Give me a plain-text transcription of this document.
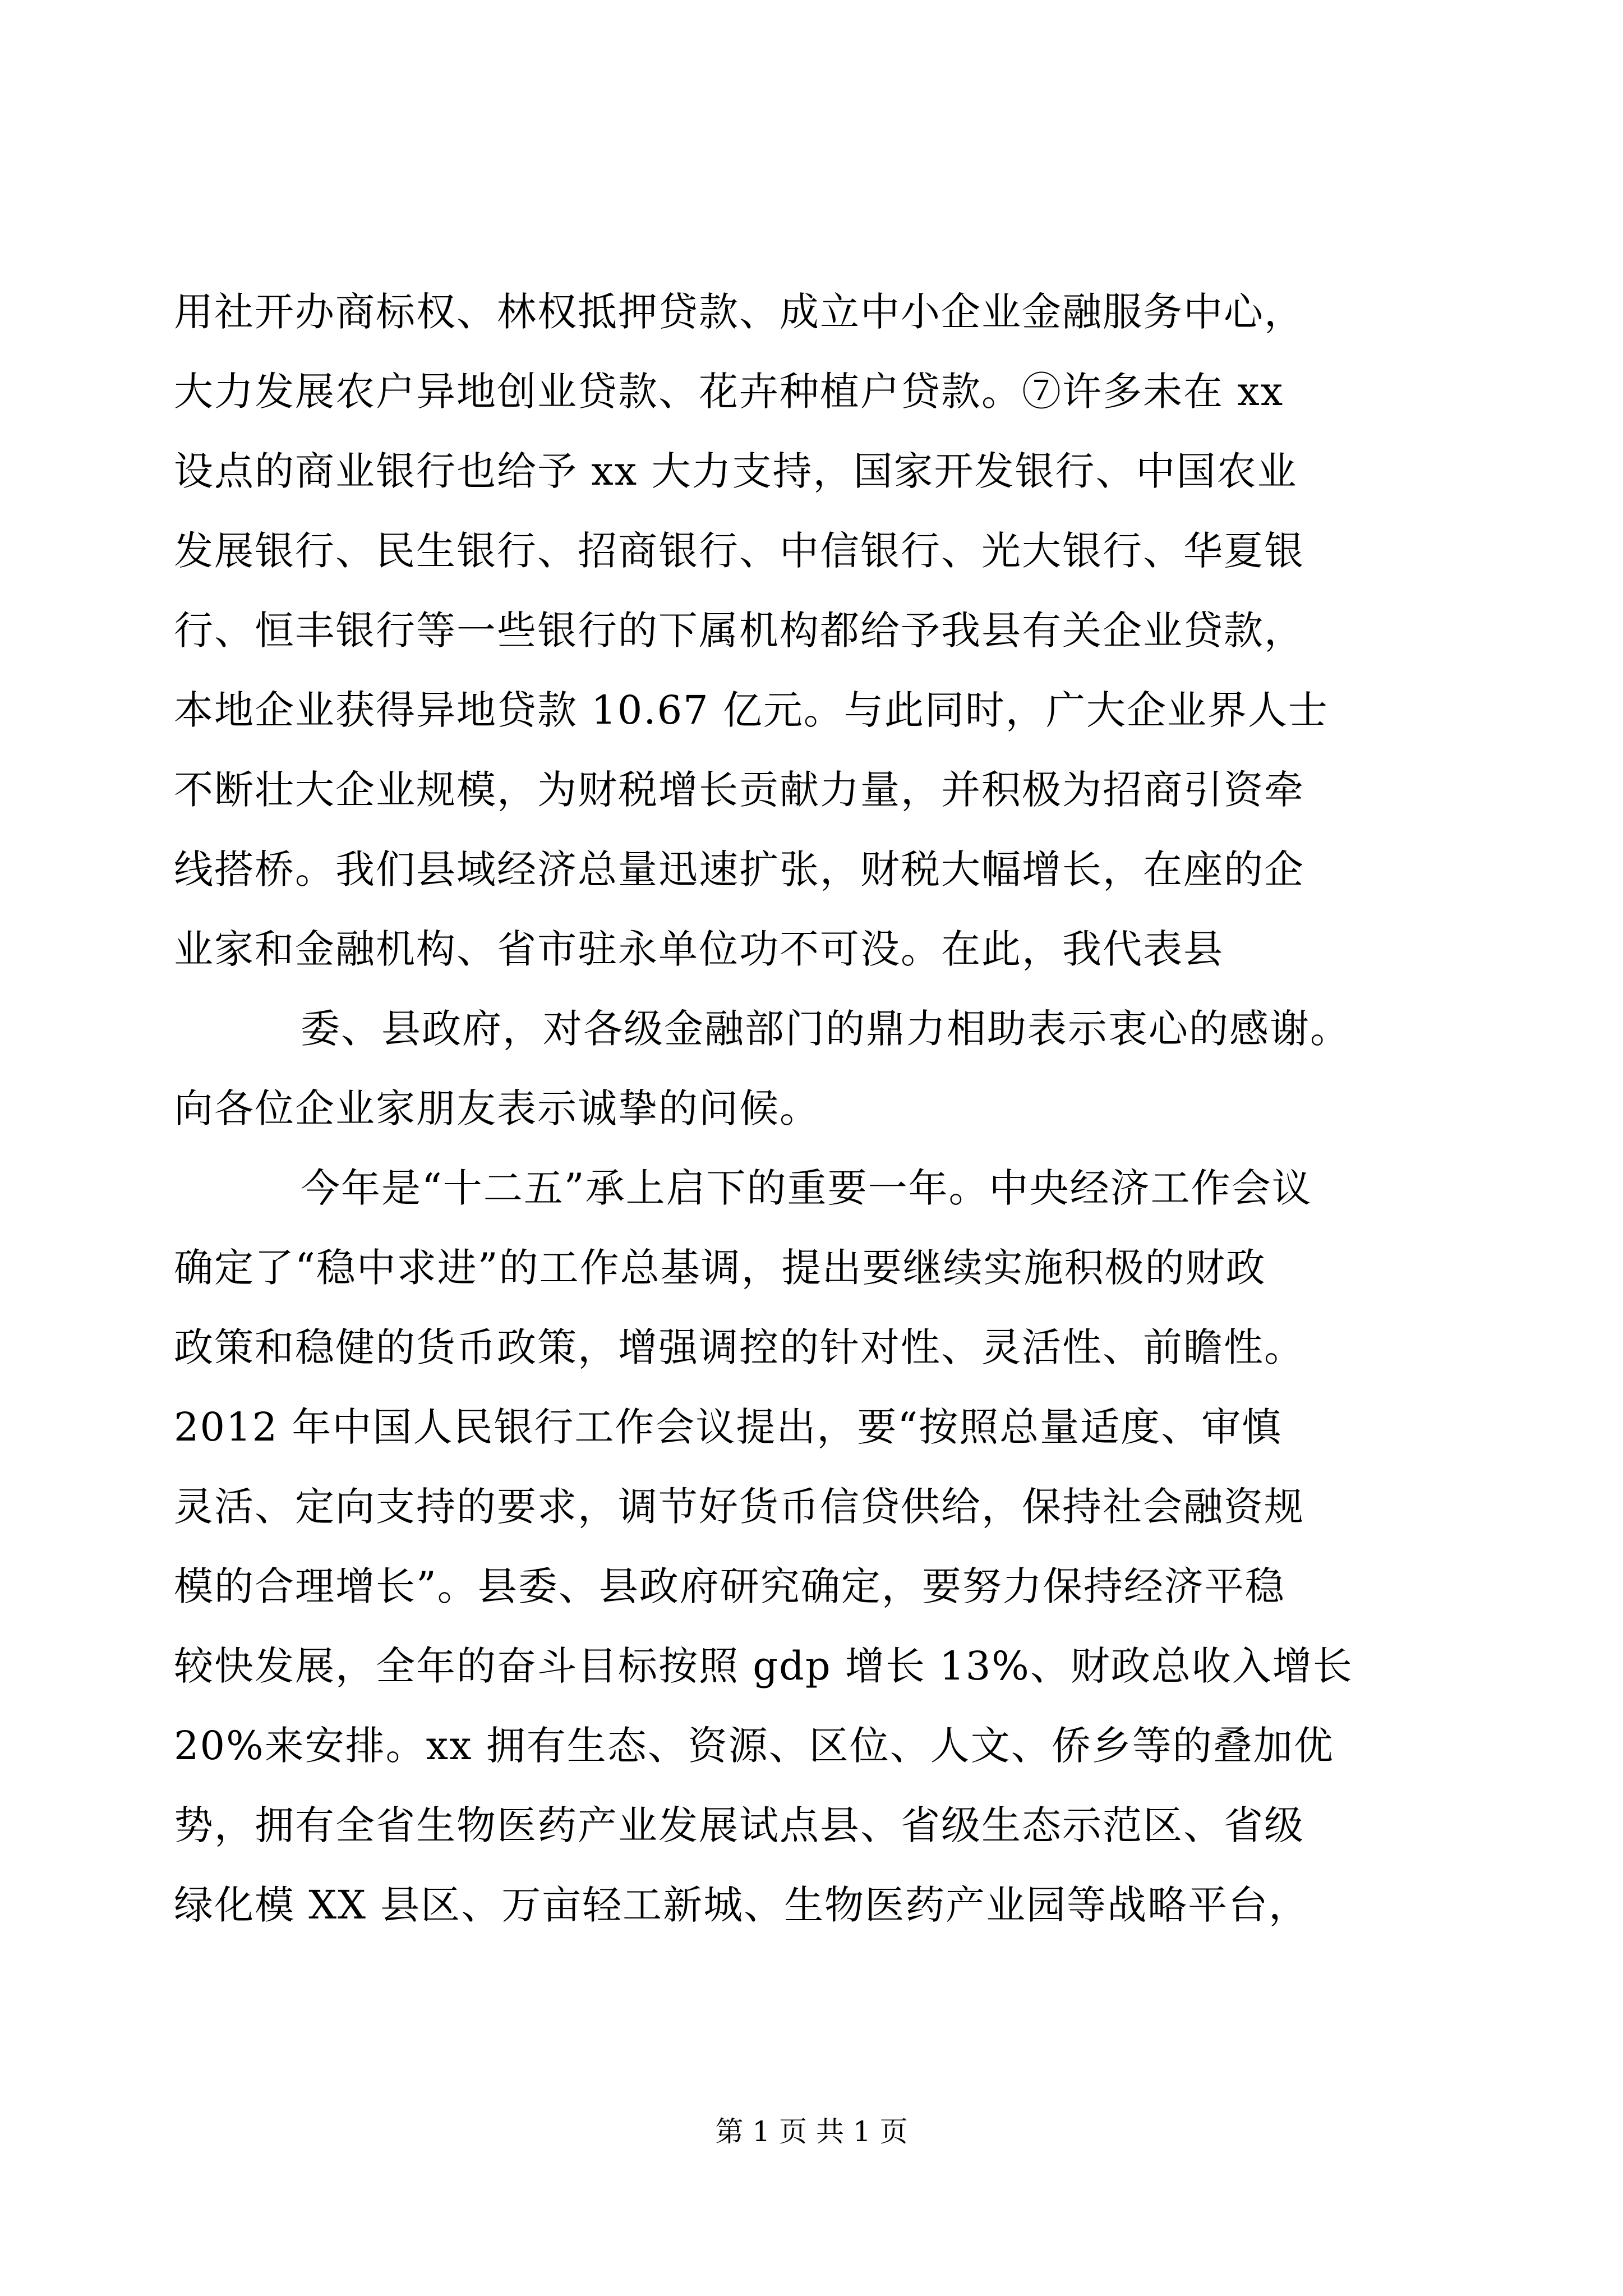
用社开办商标权、林权抵押贷款、成立中小企业金融服务中心，
大力发展农户异地创业贷款、花卉种植户贷款。⑦许多未在 xx
设点的商业银行也给予 xx 大力支持，国家开发银行、中国农业
发展银行、民生银行、招商银行、中信银行、光大银行、华夏银
行、恒丰银行等一些银行的下属机构都给予我县有关企业贷款，
本地企业获得异地贷款 10.67 亿元。与此同时，广大企业界人士
不断壮大企业规模，为财税增长贡献力量，并积极为招商引资牵
线搭桥。我们县域经济总量迅速扩张，财税大幅增长，在座的企
业家和金融机构、省市驻永单位功不可没。在此，我代表县
委、县政府，对各级金融部门的鼎力相助表示衷心的感谢。
向各位企业家朋友表示诚挚的问候。
今年是“十二五”承上启下的重要一年。中央经济工作会议
确定了“稳中求进”的工作总基调，提出要继续实施积极的财政
政策和稳健的货币政策，增强调控的针对性、灵活性、前瞻性。
2012 年中国人民银行工作会议提出，要“按照总量适度、审慎
灵活、定向支持的要求，调节好货币信贷供给，保持社会融资规
模的合理增长”。县委、县政府研究确定，要努力保持经济平稳
较快发展，全年的奋斗目标按照 gdp 增长 13%、财政总收入增长
20%来安排。xx 拥有生态、资源、区位、人文、侨乡等的叠加优
势，拥有全省生物医药产业发展试点县、省级生态示范区、省级
绿化模 XX 县区、万亩轻工新城、生物医药产业园等战略平台，
第 1 页 共 1 页
